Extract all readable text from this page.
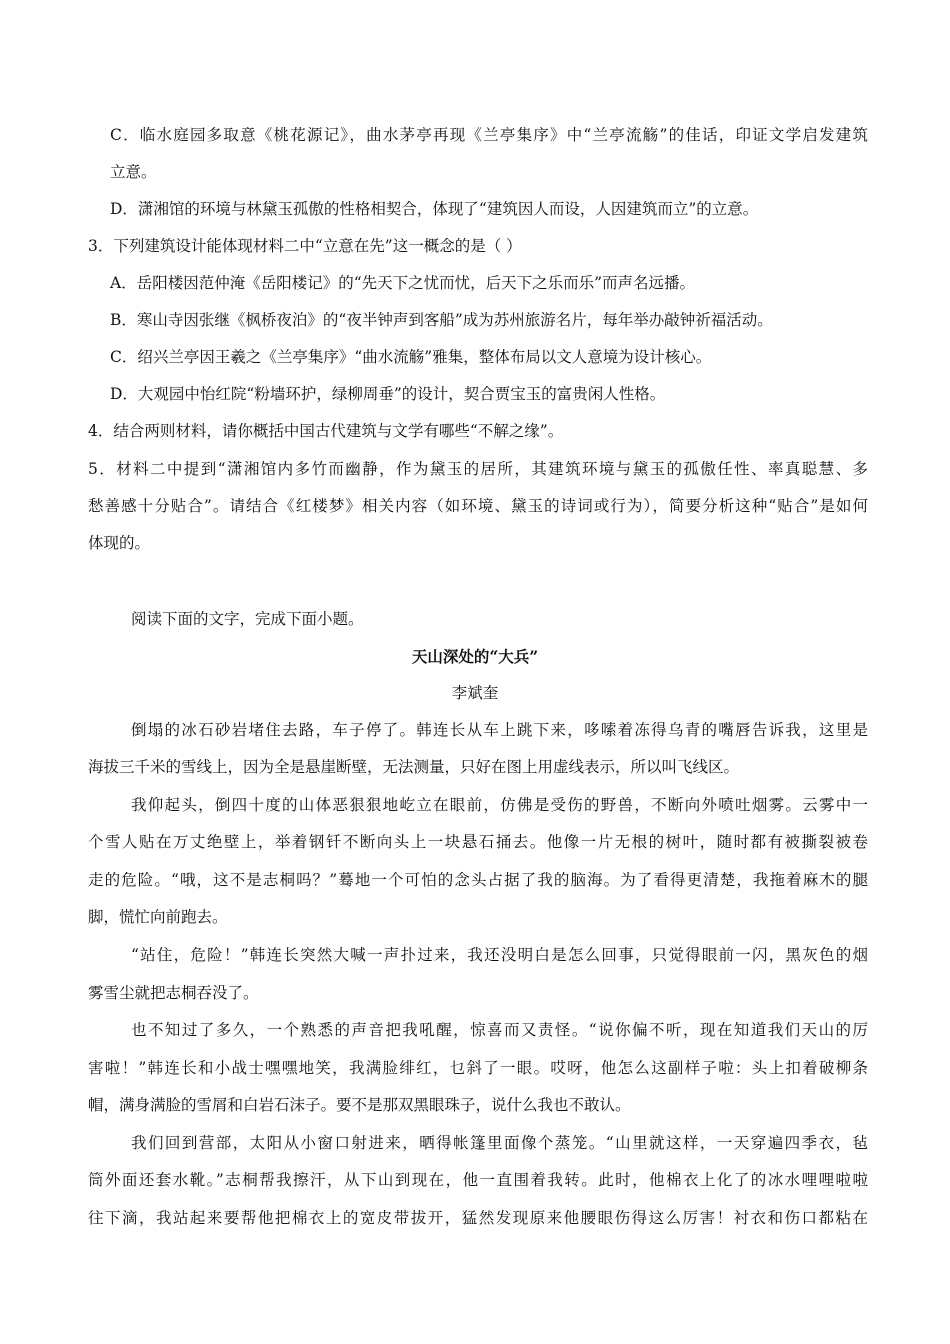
C．临水庭园多取意《桃花源记》，曲水茅亭再现《兰亭集序》中“兰亭流觞”的佳话，印证文学启发建筑
立意。
D．潇湘馆的环境与林黛玉孤傲的性格相契合，体现了“建筑因人而设，人因建筑而立”的立意。
3．下列建筑设计能体现材料二中“立意在先”这一概念的是（ ）
A．岳阳楼因范仲淹《岳阳楼记》的“先天下之忧而忧，后天下之乐而乐”而声名远播。
B．寒山寺因张继《枫桥夜泊》的“夜半钟声到客船”成为苏州旅游名片，每年举办敲钟祈福活动。
C．绍兴兰亭因王羲之《兰亭集序》“曲水流觞”雅集，整体布局以文人意境为设计核心。
D．大观园中怡红院“粉墙环护，绿柳周垂”的设计，契合贾宝玉的富贵闲人性格。
4．结合两则材料，请你概括中国古代建筑与文学有哪些“不解之缘”。
5．材料二中提到“潇湘馆内多竹而幽静，作为黛玉的居所，其建筑环境与黛玉的孤傲任性、率真聪慧、多
愁善感十分贴合”。请结合《红楼梦》相关内容（如环境、黛玉的诗词或行为），简要分析这种“贴合”是如何
体现的。
阅读下面的文字，完成下面小题。
天山深处的“大兵”
李斌奎
倒塌的冰石砂岩堵住去路，车子停了。韩连长从车上跳下来，哆嗦着冻得乌青的嘴唇告诉我，这里是
海拔三千米的雪线上，因为全是悬崖断壁，无法测量，只好在图上用虚线表示，所以叫飞线区。
我仰起头，倒四十度的山体恶狠狠地屹立在眼前，仿佛是受伤的野兽，不断向外喷吐烟雾。云雾中一
个雪人贴在万丈绝壁上，举着钢钎不断向头上一块悬石捅去。他像一片无根的树叶，随时都有被撕裂被卷
走的危险。“哦，这不是志桐吗？”蓦地一个可怕的念头占据了我的脑海。为了看得更清楚，我拖着麻木的腿
脚，慌忙向前跑去。
“站住，危险！”韩连长突然大喊一声扑过来，我还没明白是怎么回事，只觉得眼前一闪，黑灰色的烟
雾雪尘就把志桐吞没了。
也不知过了多久，一个熟悉的声音把我吼醒，惊喜而又责怪。“说你偏不听，现在知道我们天山的厉
害啦！”韩连长和小战士嘿嘿地笑，我满脸绯红，乜斜了一眼。哎呀，他怎么这副样子啦：头上扣着破柳条
帽，满身满脸的雪屑和白岩石沫子。要不是那双黑眼珠子，说什么我也不敢认。
我们回到营部，太阳从小窗口射进来，晒得帐篷里面像个蒸笼。“山里就这样，一天穿遍四季衣，毡
筒外面还套水靴。”志桐帮我擦汗，从下山到现在，他一直围着我转。此时，他棉衣上化了的冰水哩哩啦啦
往下滴，我站起来要帮他把棉衣上的宽皮带拔开，猛然发现原来他腰眼伤得这么厉害！衬衣和伤口都粘在
